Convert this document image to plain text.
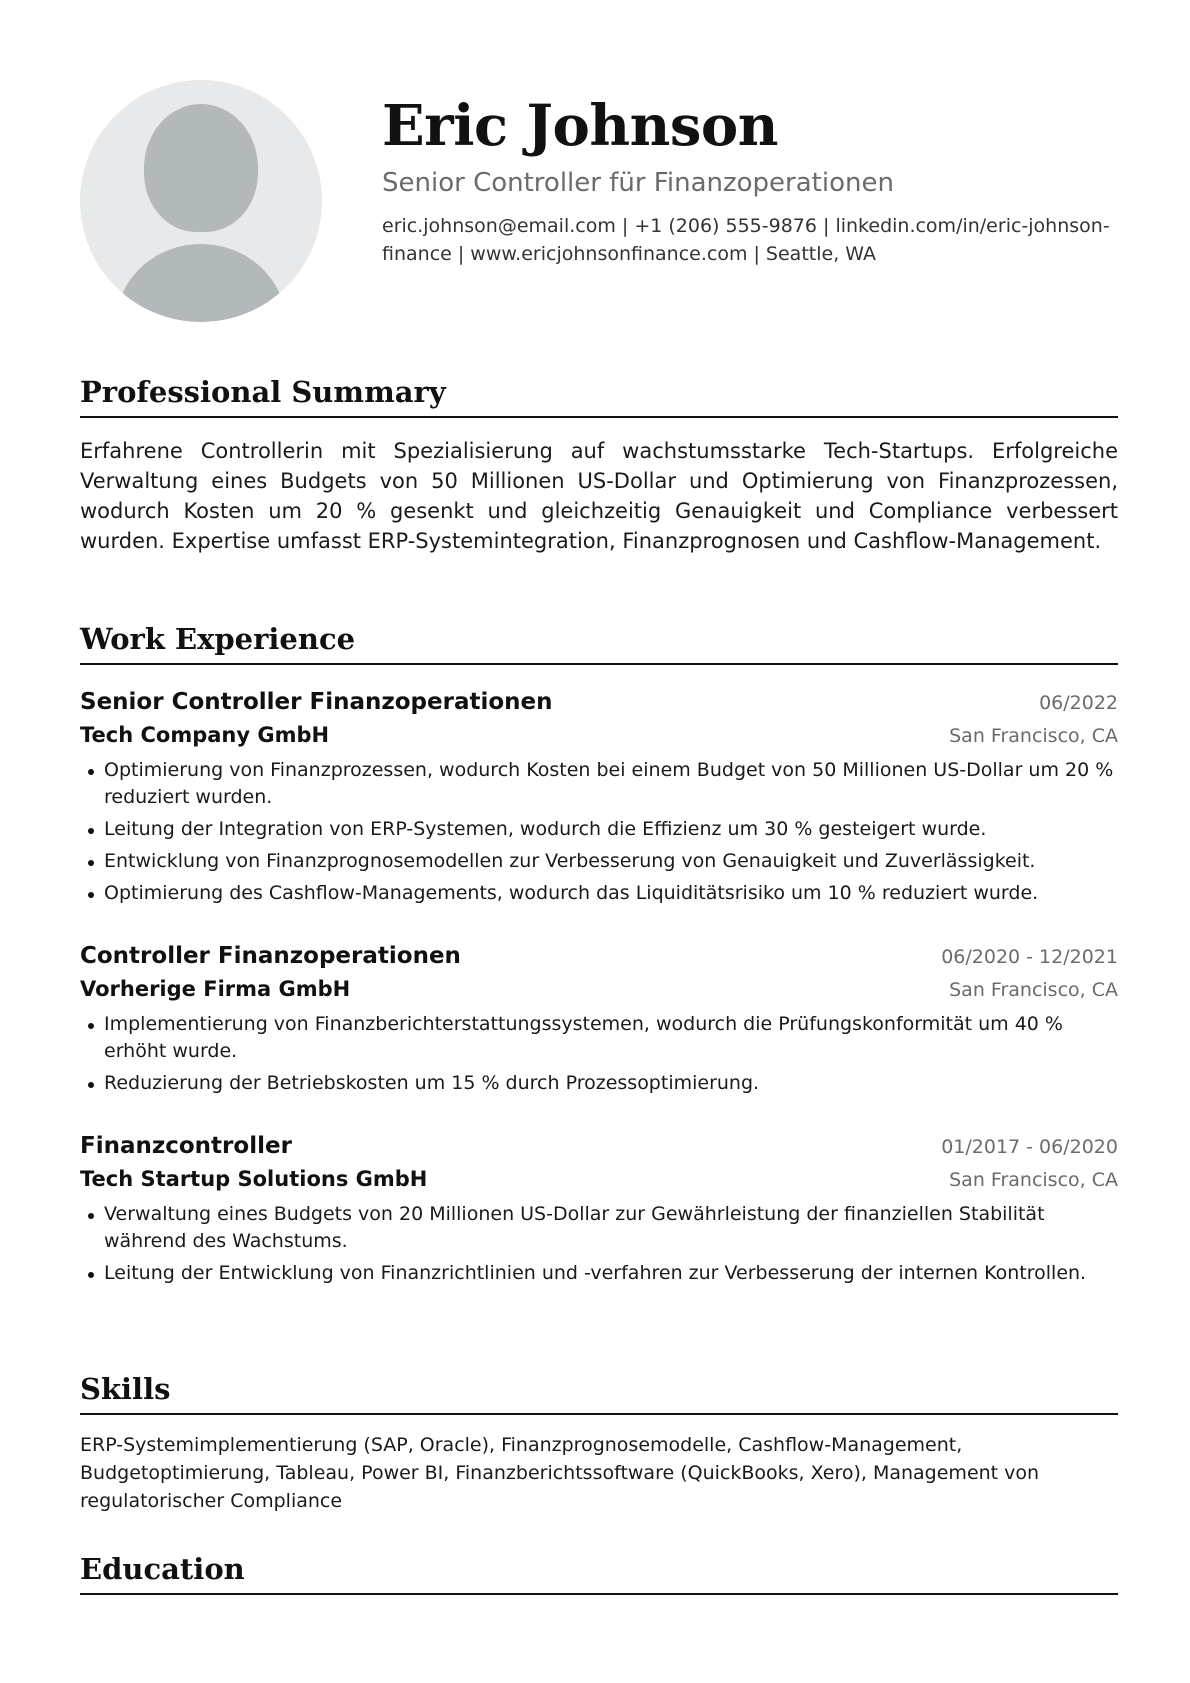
Eric Johnson
Senior Controller für Finanzoperationen
eric.johnson@email.com | +1 (206) 555-9876 | linkedin.com/in/eric-johnson-finance | www.ericjohnsonfinance.com | Seattle, WA
Professional Summary
Erfahrene Controllerin mit Spezialisierung auf wachstumsstarke Tech-Startups. Erfolgreiche Verwaltung eines Budgets von 50 Millionen US-Dollar und Optimierung von Finanzprozessen, wodurch Kosten um 20 % gesenkt und gleichzeitig Genauigkeit und Compliance verbessert wurden. Expertise umfasst ERP-Systemintegration, Finanzprognosen und Cashflow-Management.
Work Experience
Senior Controller Finanzoperationen	06/2022
Tech Company GmbH	San Francisco, CA
Optimierung von Finanzprozessen, wodurch Kosten bei einem Budget von 50 Millionen US-Dollar um 20 % reduziert wurden.
Leitung der Integration von ERP-Systemen, wodurch die Effizienz um 30 % gesteigert wurde.
Entwicklung von Finanzprognosemodellen zur Verbesserung von Genauigkeit und Zuverlässigkeit.
Optimierung des Cashflow-Managements, wodurch das Liquiditätsrisiko um 10 % reduziert wurde.
Controller Finanzoperationen	06/2020 - 12/2021
Vorherige Firma GmbH	San Francisco, CA
Implementierung von Finanzberichterstattungssystemen, wodurch die Prüfungskonformität um 40 % erhöht wurde.
Reduzierung der Betriebskosten um 15 % durch Prozessoptimierung.
Finanzcontroller	01/2017 - 06/2020
Tech Startup Solutions GmbH	San Francisco, CA
Verwaltung eines Budgets von 20 Millionen US-Dollar zur Gewährleistung der finanziellen Stabilität während des Wachstums.
Leitung der Entwicklung von Finanzrichtlinien und -verfahren zur Verbesserung der internen Kontrollen.
Skills
ERP-Systemimplementierung (SAP, Oracle), Finanzprognosemodelle, Cashflow-Management, Budgetoptimierung, Tableau, Power BI, Finanzberichtssoftware (QuickBooks, Xero), Management von regulatorischer Compliance
Education
